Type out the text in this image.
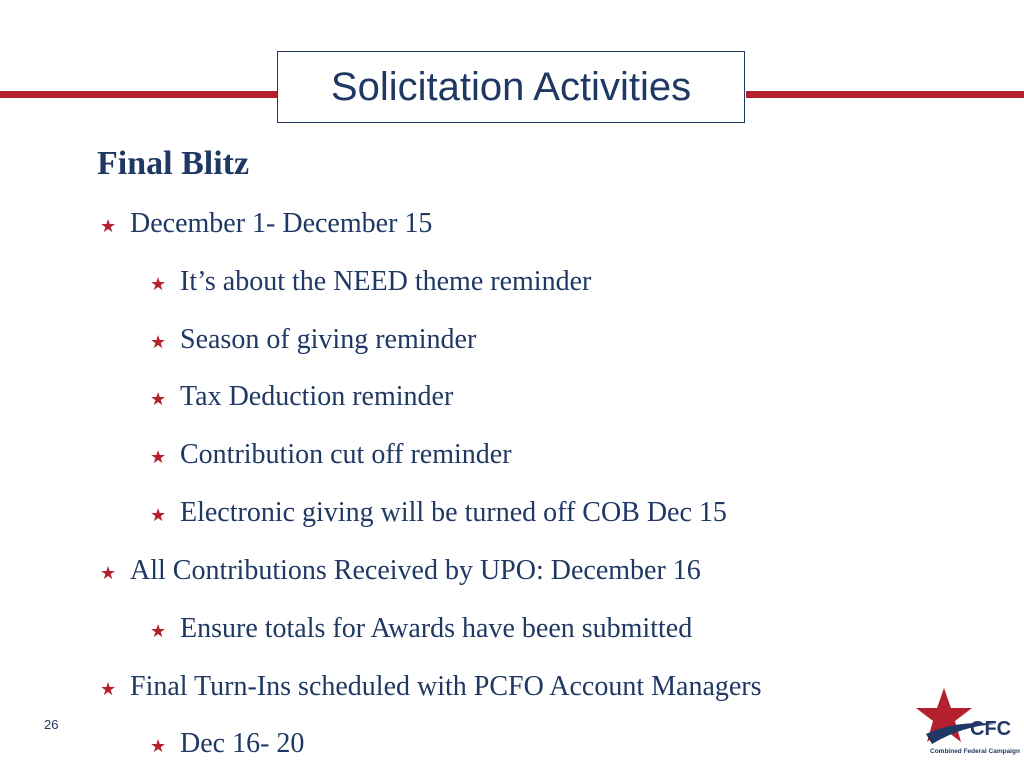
Solicitation Activities
Final Blitz
★ December 1- December 15
★ It’s about the NEED theme reminder
★ Season of giving reminder
★ Tax Deduction reminder
★ Contribution cut off reminder
★ Electronic giving will be turned off COB Dec 15
★ All Contributions Received by UPO: December 16
★ Ensure totals for Awards have been submitted
★ Final Turn-Ins scheduled with PCFO Account Managers
★ Dec 16- 20
26	CFC
Combined Federal Campaign
